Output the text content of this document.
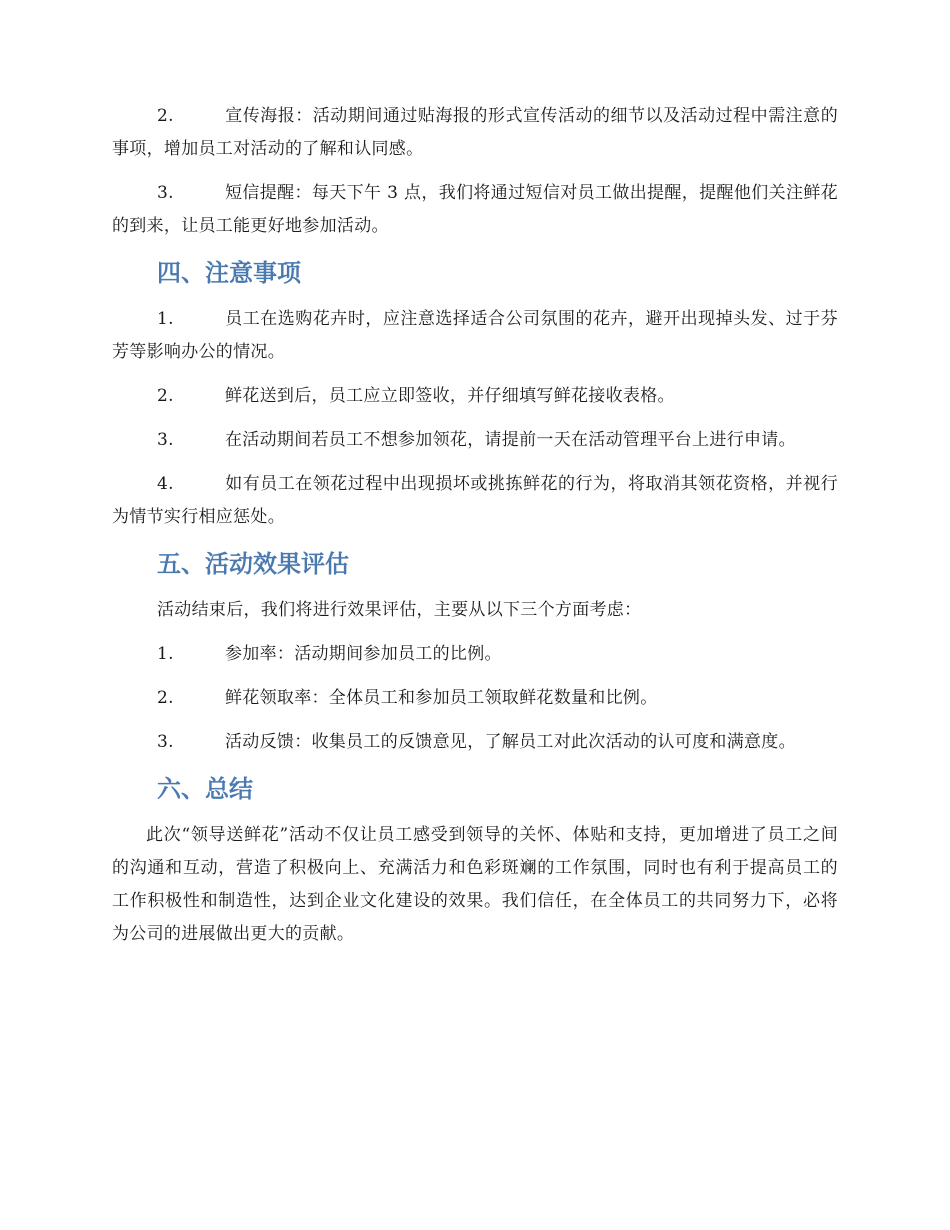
2.	宣传海报：活动期间通过贴海报的形式宣传活动的细节以及活动过程中需注意的事项，增加员工对活动的了解和认同感。

3.	短信提醒：每天下午 3 点，我们将通过短信对员工做出提醒，提醒他们关注鲜花的到来，让员工能更好地参加活动。

四、注意事项

1.	员工在选购花卉时，应注意选择适合公司氛围的花卉，避开出现掉头发、过于芬芳等影响办公的情况。

2.	鲜花送到后，员工应立即签收，并仔细填写鲜花接收表格。

3.	在活动期间若员工不想参加领花，请提前一天在活动管理平台上进行申请。

4.	如有员工在领花过程中出现损坏或挑拣鲜花的行为，将取消其领花资格，并视行为情节实行相应惩处。

五、活动效果评估

活动结束后，我们将进行效果评估，主要从以下三个方面考虑：

1.	参加率：活动期间参加员工的比例。

2.	鲜花领取率：全体员工和参加员工领取鲜花数量和比例。

3.	活动反馈：收集员工的反馈意见，了解员工对此次活动的认可度和满意度。

六、总结

此次“领导送鲜花”活动不仅让员工感受到领导的关怀、体贴和支持，更加增进了员工之间的沟通和互动，营造了积极向上、充满活力和色彩斑斓的工作氛围，同时也有利于提高员工的工作积极性和制造性，达到企业文化建设的效果。我们信任，在全体员工的共同努力下，必将为公司的进展做出更大的贡献。
